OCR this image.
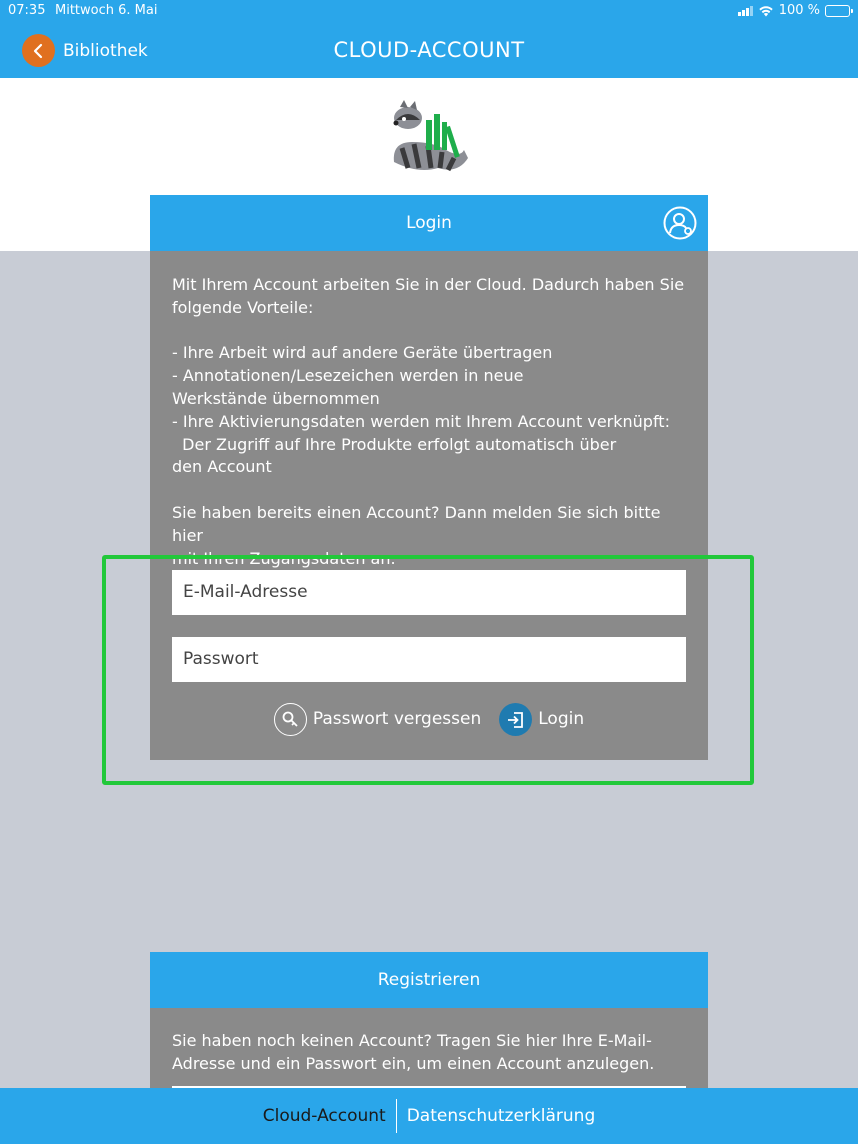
07:35 Mittwoch 6. Mai	100 %
Bibliothek	CLOUD-ACCOUNT
Login
Mit Ihrem Account arbeiten Sie in der Cloud. Dadurch haben Sie
folgende Vorteile:

- Ihre Arbeit wird auf andere Geräte übertragen
- Annotationen/Lesezeichen werden in neue
Werkstände übernommen
- Ihre Aktivierungsdaten werden mit Ihrem Account verknüpft:
Der Zugriff auf Ihre Produkte erfolgt automatisch über
den Account

Sie haben bereits einen Account? Dann melden Sie sich bitte hier
mit Ihren Zugangsdaten an.
E-Mail-Adresse
Passwort
Passwort vergessen	Login
Registrieren
Sie haben noch keinen Account? Tragen Sie hier Ihre E-Mail-
Adresse und ein Passwort ein, um einen Account anzulegen.
Cloud-Account	Datenschutzerklärung
